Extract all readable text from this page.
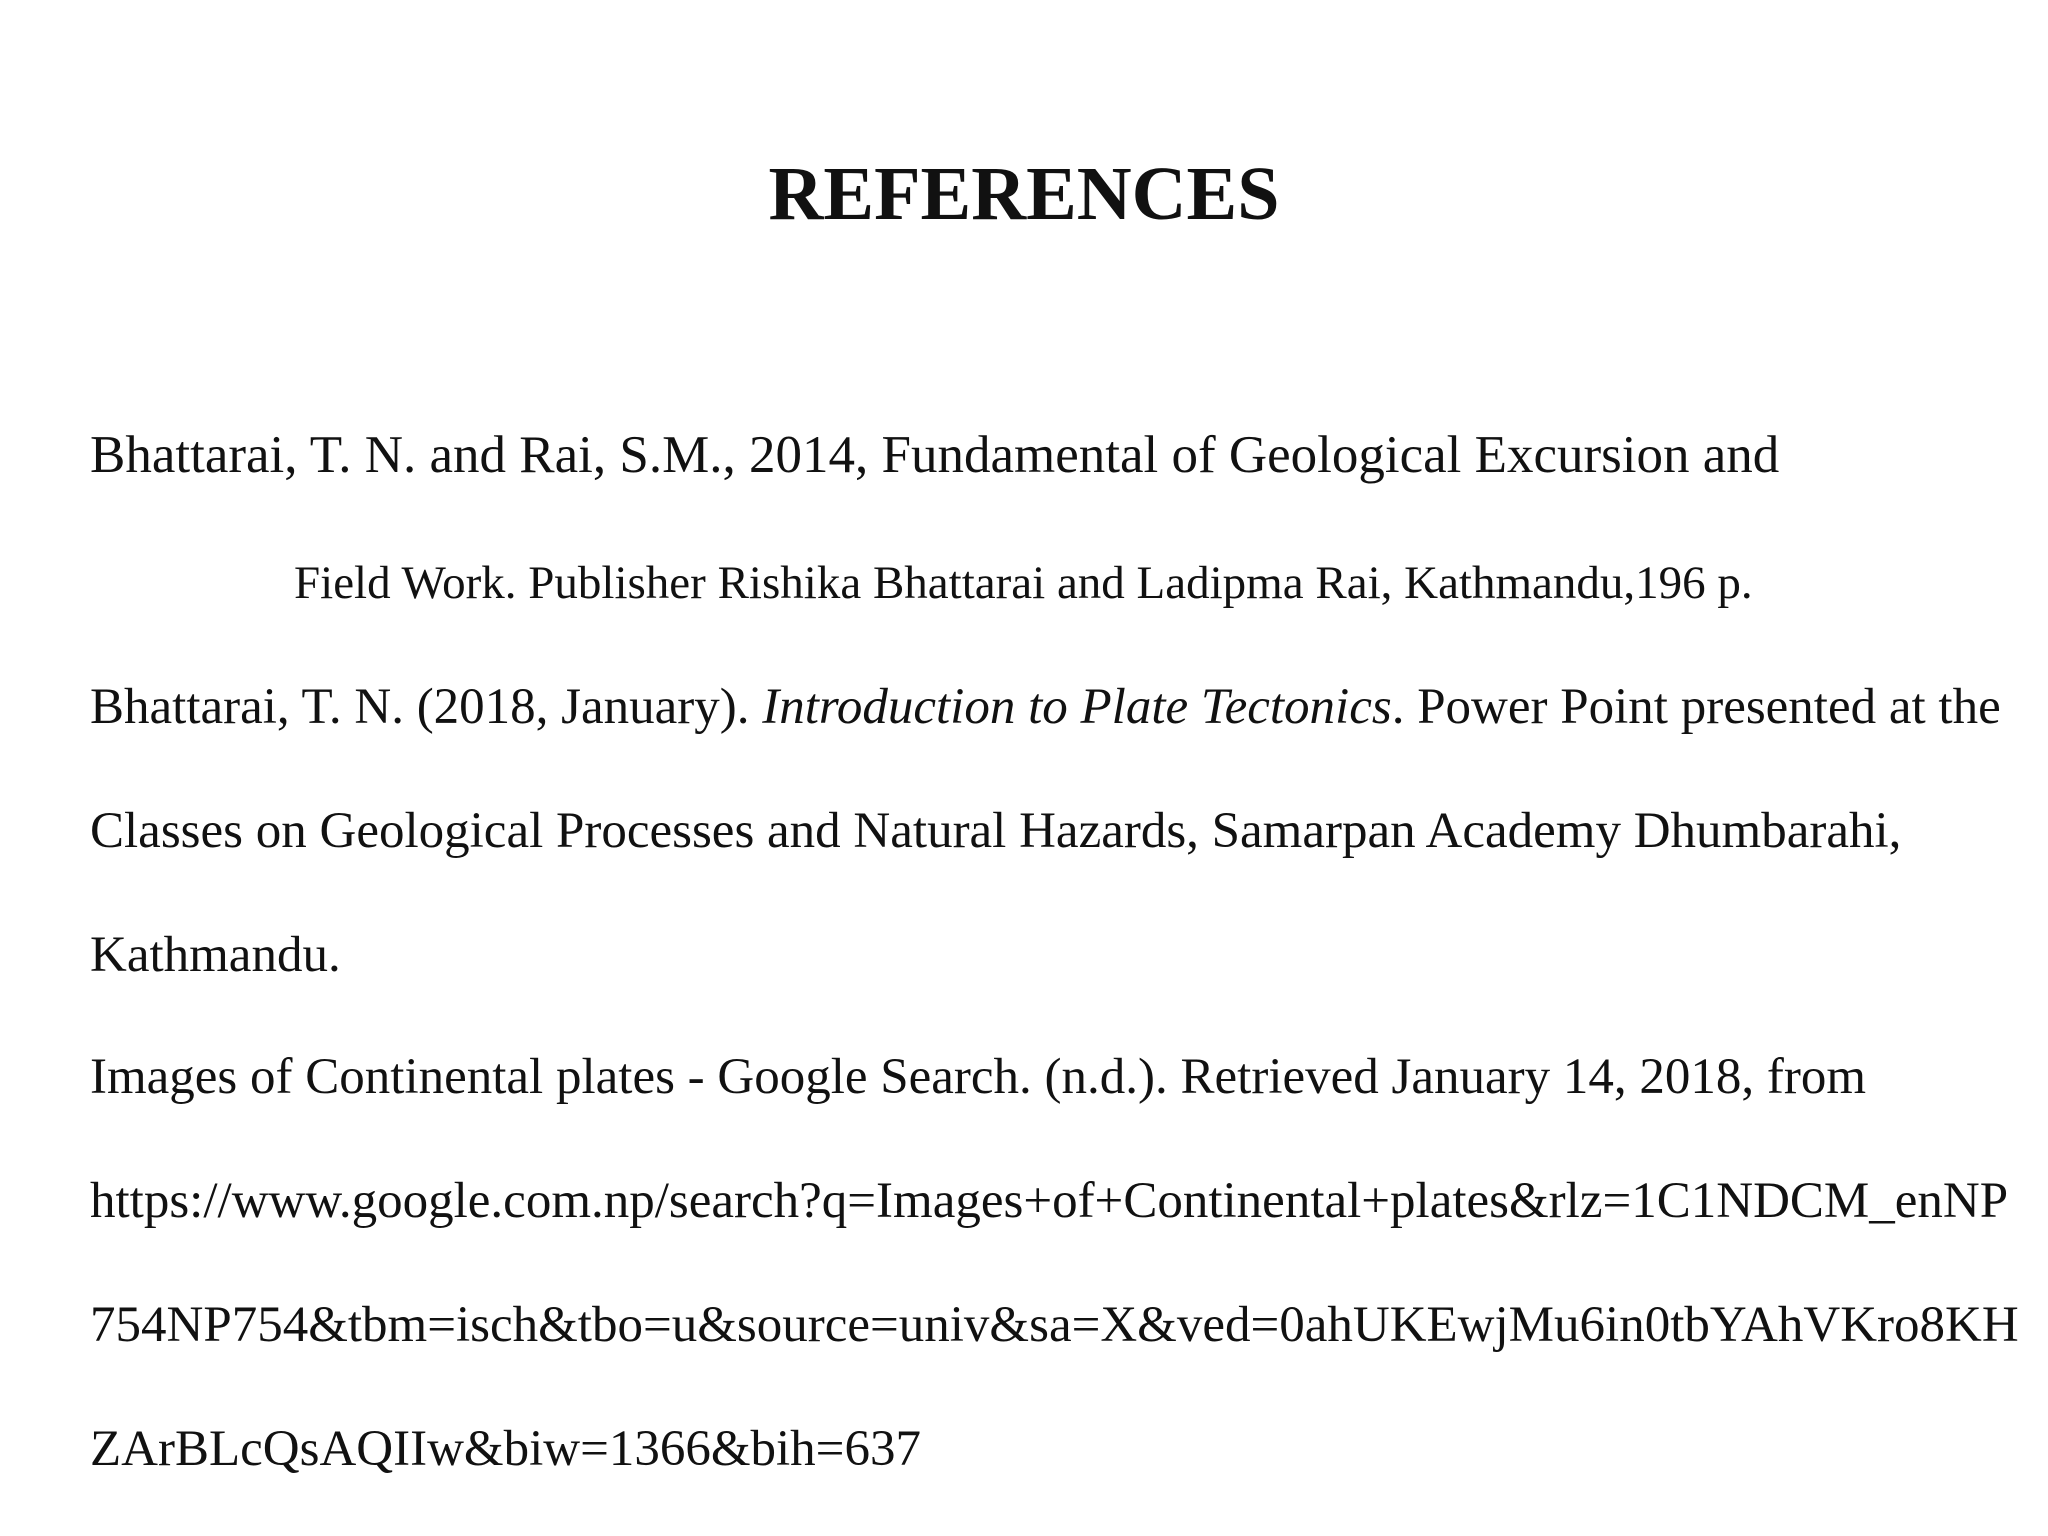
REFERENCES
Bhattarai, T. N. and Rai, S.M., 2014, Fundamental of Geological Excursion and
Field Work. Publisher Rishika Bhattarai and Ladipma Rai, Kathmandu,196 p.
Bhattarai, T. N. (2018, January). Introduction to Plate Tectonics. Power Point presented at the
Classes on Geological Processes and Natural Hazards, Samarpan Academy Dhumbarahi,
Kathmandu.
Images of Continental plates - Google Search. (n.d.). Retrieved January 14, 2018, from
https://www.google.com.np/search?q=Images+of+Continental+plates&rlz=1C1NDCM_enNP
754NP754&tbm=isch&tbo=u&source=univ&sa=X&ved=0ahUKEwjMu6in0tbYAhVKro8KH
ZArBLcQsAQIIw&biw=1366&bih=637
